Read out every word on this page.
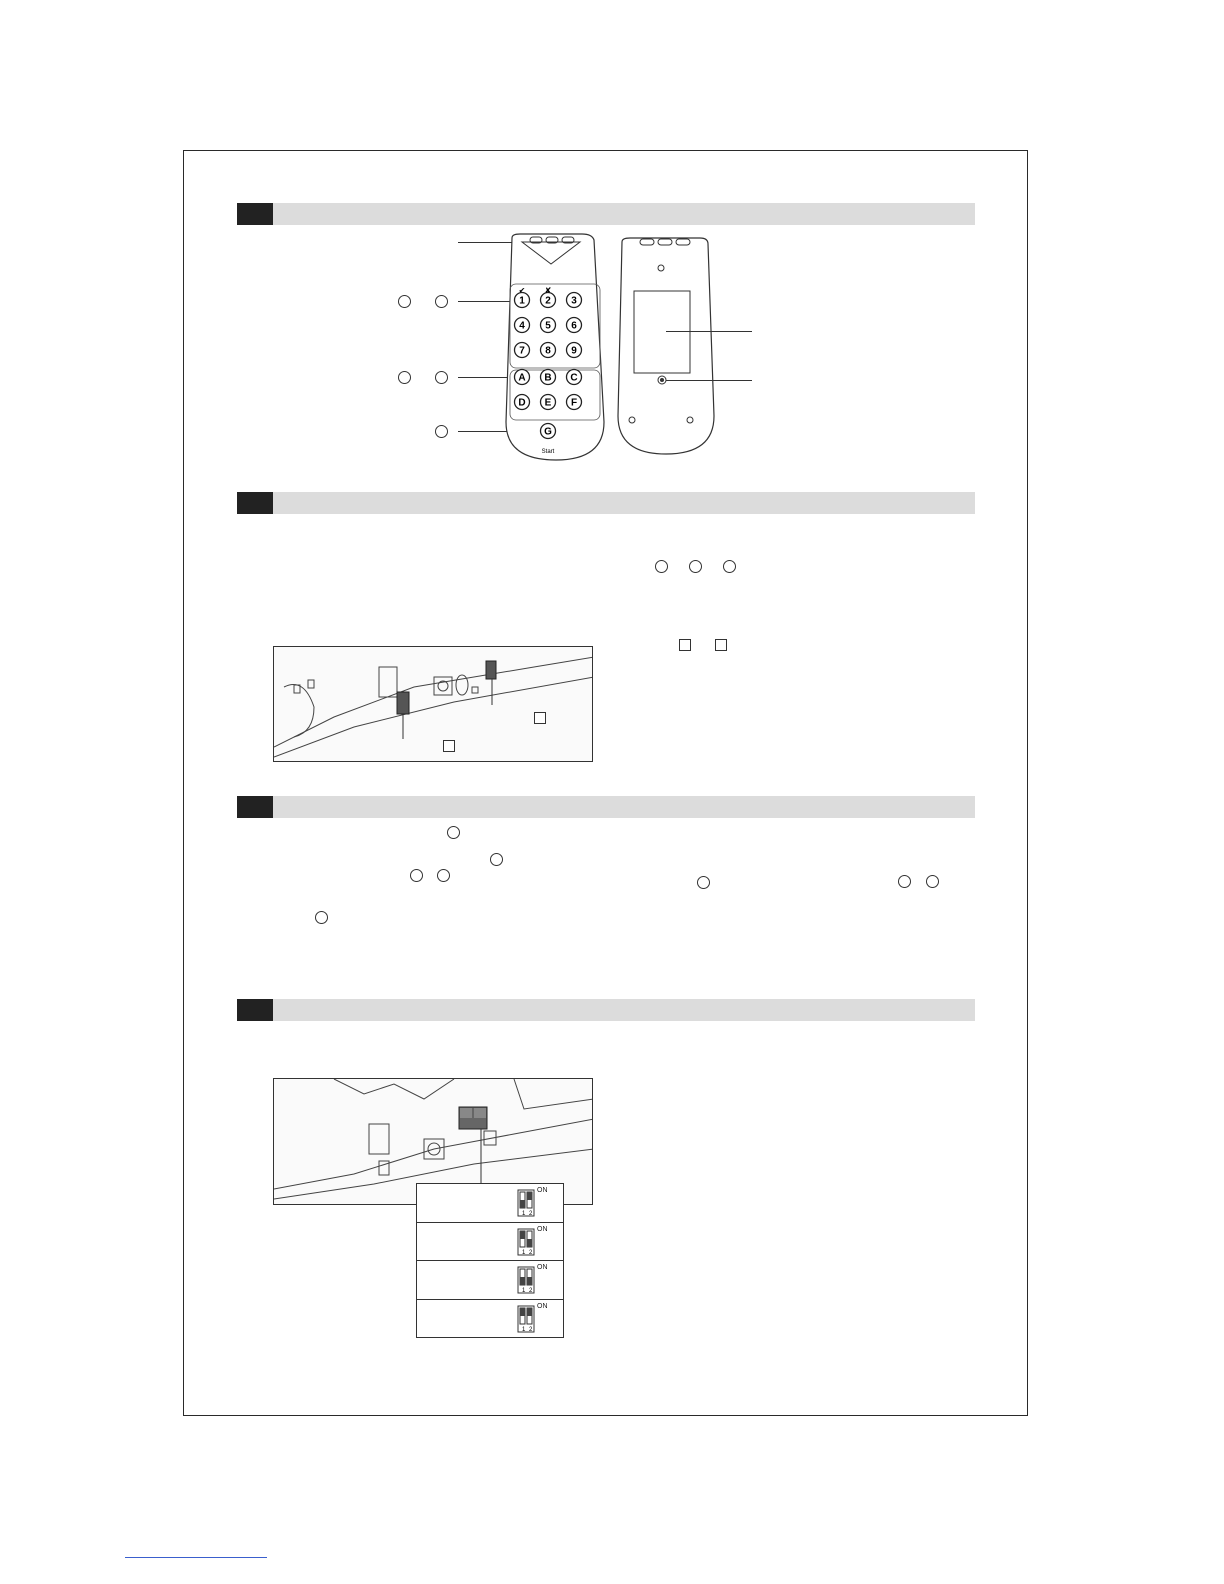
1 2 3
4 5 6
7 8 9
A B C
D E F
G
✔ ✘
Start
1 2
ON
1 2
ON
1 2
ON
1 2
ON
